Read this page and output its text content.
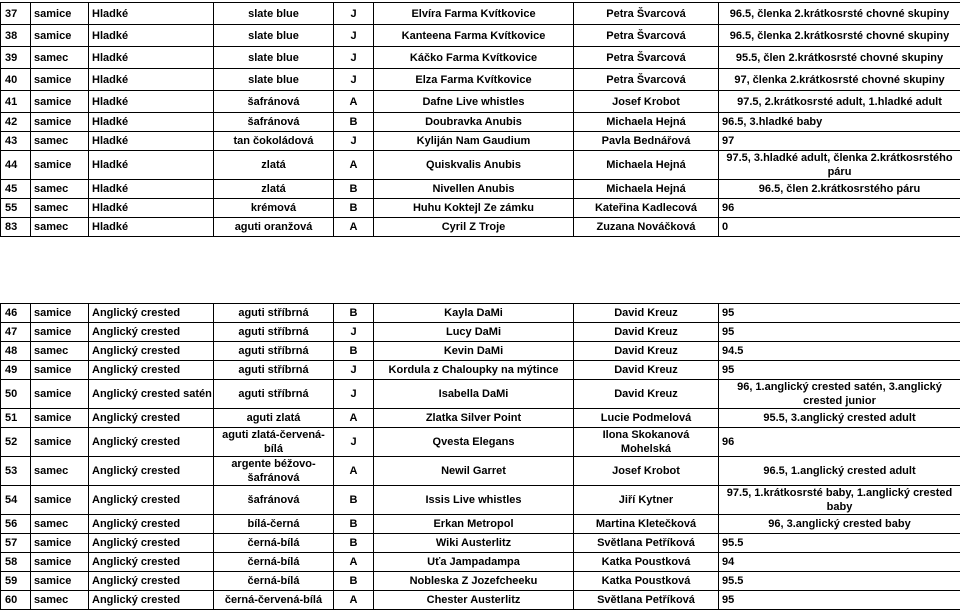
37	samice	Hladké	slate blue	J	Elvíra Farma Kvítkovice	Petra Švarcová	96.5, členka 2.krátkosrsté chovné skupiny
38	samice	Hladké	slate blue	J	Kanteena Farma Kvítkovice	Petra Švarcová	96.5, členka 2.krátkosrsté chovné skupiny
39	samec	Hladké	slate blue	J	Káčko Farma Kvítkovice	Petra Švarcová	95.5, člen 2.krátkosrsté chovné skupiny
40	samice	Hladké	slate blue	J	Elza Farma Kvítkovice	Petra Švarcová	97, členka 2.krátkosrsté chovné skupiny
41	samice	Hladké	šafránová	A	Dafne Live whistles	Josef Krobot	97.5, 2.krátkosrsté adult, 1.hladké adult
42	samice	Hladké	šafránová	B	Doubravka Anubis	Michaela Hejná	96.5, 3.hladké baby
43	samec	Hladké	tan čokoládová	J	Kyliján Nam Gaudium	Pavla Bednářová	97
44	samice	Hladké	zlatá	A	Quiskvalis Anubis	Michaela Hejná	97.5, 3.hladké adult, členka 2.krátkosrstého páru
45	samec	Hladké	zlatá	B	Nivellen Anubis	Michaela Hejná	96.5, člen 2.krátkosrstého páru
55	samec	Hladké	krémová	B	Huhu Koktejl Ze zámku	Kateřina Kadlecová	96
83	samec	Hladké	aguti oranžová	A	Cyril Z Troje	Zuzana Nováčková	0
46	samice	Anglický crested	aguti stříbrná	B	Kayla DaMi	David Kreuz	95
47	samice	Anglický crested	aguti stříbrná	J	Lucy DaMi	David Kreuz	95
48	samec	Anglický crested	aguti stříbrná	B	Kevin DaMi	David Kreuz	94.5
49	samice	Anglický crested	aguti stříbrná	J	Kordula z Chaloupky na mýtince	David Kreuz	95
50	samice	Anglický crested satén	aguti stříbrná	J	Isabella DaMi	David Kreuz	96, 1.anglický crested satén, 3.anglický crested junior
51	samice	Anglický crested	aguti zlatá	A	Zlatka Silver Point	Lucie Podmelová	95.5, 3.anglický crested adult
52	samice	Anglický crested	aguti zlatá-červená-bílá	J	Qvesta Elegans	Ilona Skokanová Mohelská	96
53	samec	Anglický crested	argente béžovo-šafránová	A	Newil Garret	Josef Krobot	96.5, 1.anglický crested adult
54	samice	Anglický crested	šafránová	B	Issis Live whistles	Jiří Kytner	97.5, 1.krátkosrsté baby, 1.anglický crested baby
56	samec	Anglický crested	bílá-černá	B	Erkan Metropol	Martina Kletečková	96, 3.anglický crested baby
57	samice	Anglický crested	černá-bílá	B	Wiki Austerlitz	Světlana Petříková	95.5
58	samice	Anglický crested	černá-bílá	A	Uťa Jampadampa	Katka Poustková	94
59	samice	Anglický crested	černá-bílá	B	Nobleska Z Jozefcheeku	Katka Poustková	95.5
60	samec	Anglický crested	černá-červená-bílá	A	Chester Austerlitz	Světlana Petříková	95
